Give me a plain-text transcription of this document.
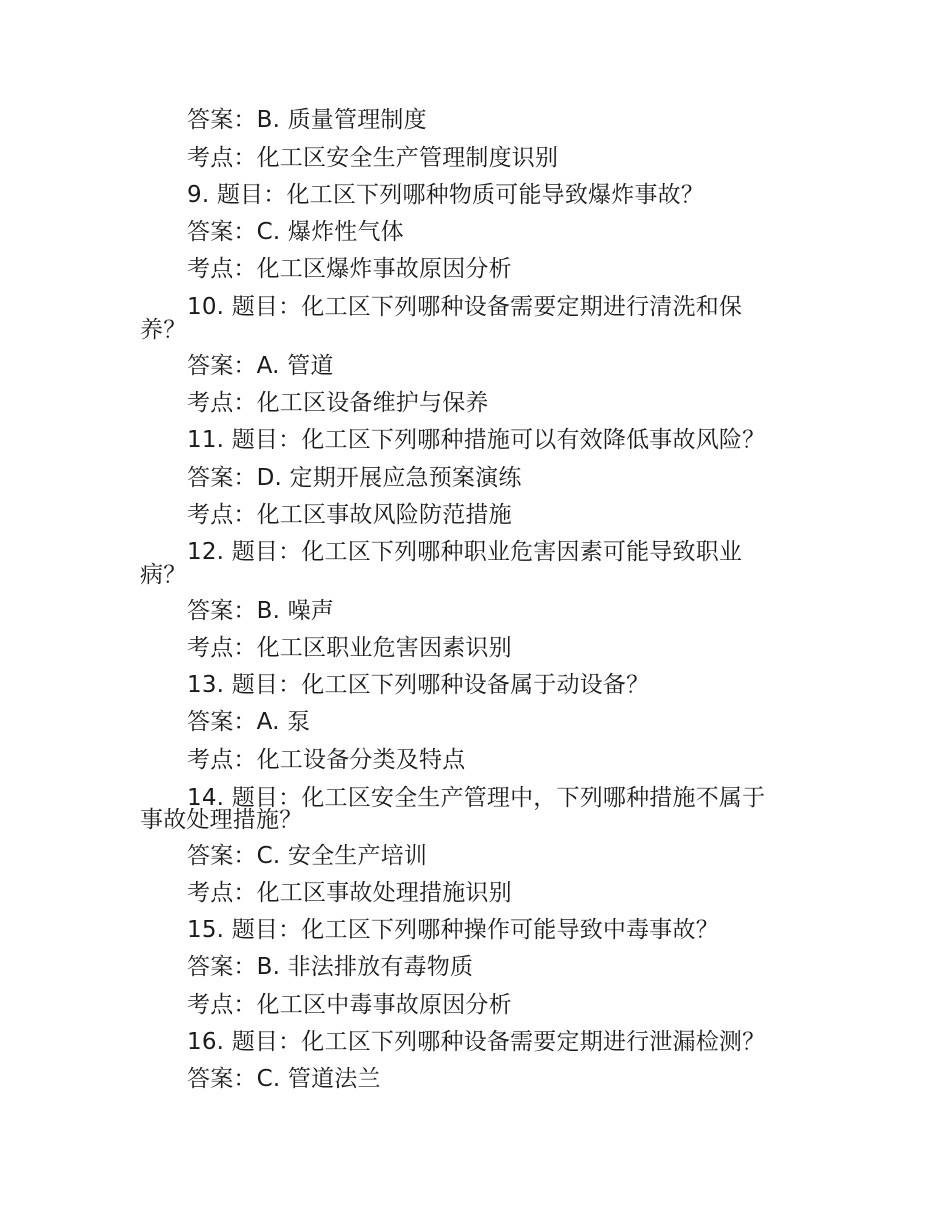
答案：B. 质量管理制度
考点：化工区安全生产管理制度识别
9. 题目：化工区下列哪种物质可能导致爆炸事故？
答案：C. 爆炸性气体
考点：化工区爆炸事故原因分析
10. 题目：化工区下列哪种设备需要定期进行清洗和保
养？
答案：A. 管道
考点：化工区设备维护与保养
11. 题目：化工区下列哪种措施可以有效降低事故风险？
答案：D. 定期开展应急预案演练
考点：化工区事故风险防范措施
12. 题目：化工区下列哪种职业危害因素可能导致职业
病？
答案：B. 噪声
考点：化工区职业危害因素识别
13. 题目：化工区下列哪种设备属于动设备？
答案：A. 泵
考点：化工设备分类及特点
14. 题目：化工区安全生产管理中，下列哪种措施不属于
事故处理措施？
答案：C. 安全生产培训
考点：化工区事故处理措施识别
15. 题目：化工区下列哪种操作可能导致中毒事故？
答案：B. 非法排放有毒物质
考点：化工区中毒事故原因分析
16. 题目：化工区下列哪种设备需要定期进行泄漏检测？
答案：C. 管道法兰
